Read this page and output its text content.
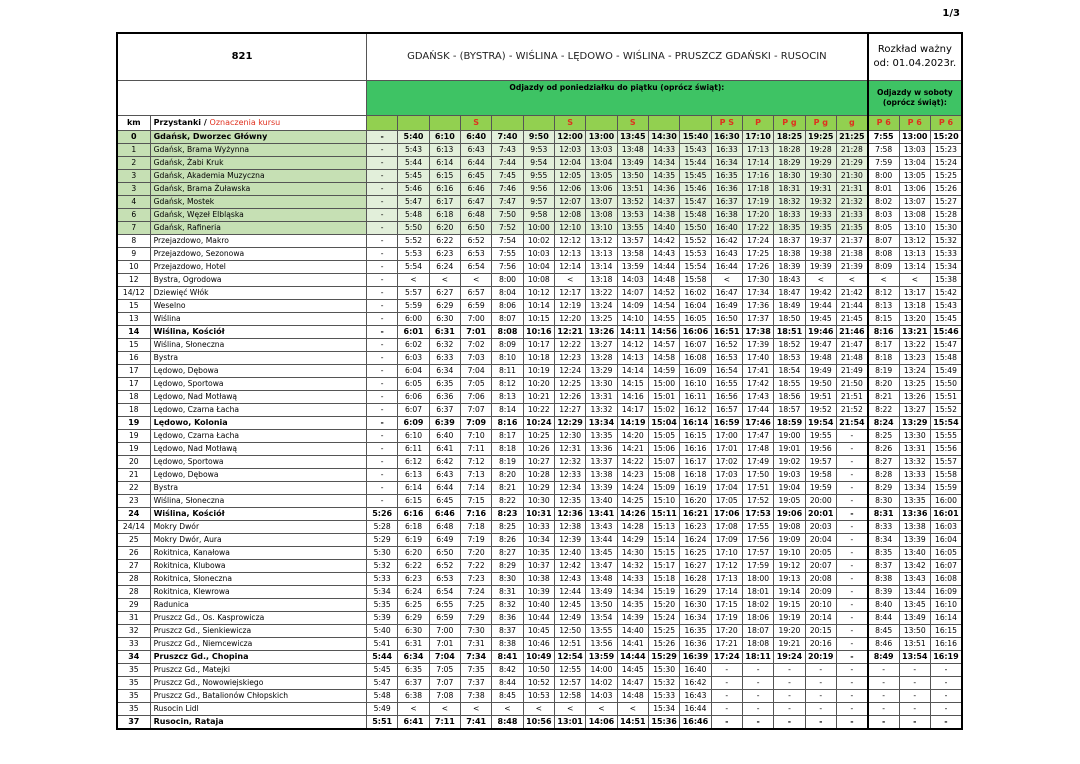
1/3
821		GDAŃSK - (BYSTRA) - WIŚLINA - LĘDOWO - WIŚLINA - PRUSZCZ GDAŃSKI - RUSOCIN																Rozkład ważny od: 01.04.2023r.		
		Odjazdy od poniedziałku do piątku (oprócz świąt):																Odjazdy w soboty (oprócz świąt):		
km	Przystanki / Oznaczenia kursu				S			S		S			P S	P	P g	P g	g	P 6	P 6	P 6
0	Gdańsk, Dworzec Główny	-	5:40	6:10	6:40	7:40	9:50	12:00	13:00	13:45	14:30	15:40	16:30	17:10	18:25	19:25	21:25	7:55	13:00	15:20
1	Gdańsk, Brama Wyżynna	-	5:43	6:13	6:43	7:43	9:53	12:03	13:03	13:48	14:33	15:43	16:33	17:13	18:28	19:28	21:28	7:58	13:03	15:23
2	Gdańsk, Żabi Kruk	-	5:44	6:14	6:44	7:44	9:54	12:04	13:04	13:49	14:34	15:44	16:34	17:14	18:29	19:29	21:29	7:59	13:04	15:24
3	Gdańsk, Akademia Muzyczna	-	5:45	6:15	6:45	7:45	9:55	12:05	13:05	13:50	14:35	15:45	16:35	17:16	18:30	19:30	21:30	8:00	13:05	15:25
3	Gdańsk, Brama Żuławska	-	5:46	6:16	6:46	7:46	9:56	12:06	13:06	13:51	14:36	15:46	16:36	17:18	18:31	19:31	21:31	8:01	13:06	15:26
4	Gdańsk, Mostek	-	5:47	6:17	6:47	7:47	9:57	12:07	13:07	13:52	14:37	15:47	16:37	17:19	18:32	19:32	21:32	8:02	13:07	15:27
6	Gdańsk, Węzeł Elbląska	-	5:48	6:18	6:48	7:50	9:58	12:08	13:08	13:53	14:38	15:48	16:38	17:20	18:33	19:33	21:33	8:03	13:08	15:28
7	Gdańsk, Rafineria	-	5:50	6:20	6:50	7:52	10:00	12:10	13:10	13:55	14:40	15:50	16:40	17:22	18:35	19:35	21:35	8:05	13:10	15:30
8	Przejazdowo, Makro	-	5:52	6:22	6:52	7:54	10:02	12:12	13:12	13:57	14:42	15:52	16:42	17:24	18:37	19:37	21:37	8:07	13:12	15:32
9	Przejazdowo, Sezonowa	-	5:53	6:23	6:53	7:55	10:03	12:13	13:13	13:58	14:43	15:53	16:43	17:25	18:38	19:38	21:38	8:08	13:13	15:33
10	Przejazdowo, Hotel	-	5:54	6:24	6:54	7:56	10:04	12:14	13:14	13:59	14:44	15:54	16:44	17:26	18:39	19:39	21:39	8:09	13:14	15:34
12	Bystra, Ogrodowa	-	<	<	<	8:00	10:08	<	13:18	14:03	14:48	15:58	<	17:30	18:43	<	<	<	<	15:38
14/12	Dziewięć Włók	-	5:57	6:27	6:57	8:04	10:12	12:17	13:22	14:07	14:52	16:02	16:47	17:34	18:47	19:42	21:42	8:12	13:17	15:42
15	Weselno	-	5:59	6:29	6:59	8:06	10:14	12:19	13:24	14:09	14:54	16:04	16:49	17:36	18:49	19:44	21:44	8:13	13:18	15:43
13	Wiślina	-	6:00	6:30	7:00	8:07	10:15	12:20	13:25	14:10	14:55	16:05	16:50	17:37	18:50	19:45	21:45	8:15	13:20	15:45
14	Wiślina, Kościół	-	6:01	6:31	7:01	8:08	10:16	12:21	13:26	14:11	14:56	16:06	16:51	17:38	18:51	19:46	21:46	8:16	13:21	15:46
15	Wiślina, Słoneczna	-	6:02	6:32	7:02	8:09	10:17	12:22	13:27	14:12	14:57	16:07	16:52	17:39	18:52	19:47	21:47	8:17	13:22	15:47
16	Bystra	-	6:03	6:33	7:03	8:10	10:18	12:23	13:28	14:13	14:58	16:08	16:53	17:40	18:53	19:48	21:48	8:18	13:23	15:48
17	Lędowo, Dębowa	-	6:04	6:34	7:04	8:11	10:19	12:24	13:29	14:14	14:59	16:09	16:54	17:41	18:54	19:49	21:49	8:19	13:24	15:49
17	Lędowo, Sportowa	-	6:05	6:35	7:05	8:12	10:20	12:25	13:30	14:15	15:00	16:10	16:55	17:42	18:55	19:50	21:50	8:20	13:25	15:50
18	Lędowo, Nad Motławą	-	6:06	6:36	7:06	8:13	10:21	12:26	13:31	14:16	15:01	16:11	16:56	17:43	18:56	19:51	21:51	8:21	13:26	15:51
18	Lędowo, Czarna Łacha	-	6:07	6:37	7:07	8:14	10:22	12:27	13:32	14:17	15:02	16:12	16:57	17:44	18:57	19:52	21:52	8:22	13:27	15:52
19	Lędowo, Kolonia	-	6:09	6:39	7:09	8:16	10:24	12:29	13:34	14:19	15:04	16:14	16:59	17:46	18:59	19:54	21:54	8:24	13:29	15:54
19	Lędowo, Czarna Łacha	-	6:10	6:40	7:10	8:17	10:25	12:30	13:35	14:20	15:05	16:15	17:00	17:47	19:00	19:55	-	8:25	13:30	15:55
19	Lędowo, Nad Motławą	-	6:11	6:41	7:11	8:18	10:26	12:31	13:36	14:21	15:06	16:16	17:01	17:48	19:01	19:56	-	8:26	13:31	15:56
20	Lędowo, Sportowa	-	6:12	6:42	7:12	8:19	10:27	12:32	13:37	14:22	15:07	16:17	17:02	17:49	19:02	19:57	-	8:27	13:32	15:57
21	Lędowo, Dębowa	-	6:13	6:43	7:13	8:20	10:28	12:33	13:38	14:23	15:08	16:18	17:03	17:50	19:03	19:58	-	8:28	13:33	15:58
22	Bystra	-	6:14	6:44	7:14	8:21	10:29	12:34	13:39	14:24	15:09	16:19	17:04	17:51	19:04	19:59	-	8:29	13:34	15:59
23	Wiślina, Słoneczna	-	6:15	6:45	7:15	8:22	10:30	12:35	13:40	14:25	15:10	16:20	17:05	17:52	19:05	20:00	-	8:30	13:35	16:00
24	Wiślina, Kościół	5:26	6:16	6:46	7:16	8:23	10:31	12:36	13:41	14:26	15:11	16:21	17:06	17:53	19:06	20:01	-	8:31	13:36	16:01
24/14	Mokry Dwór	5:28	6:18	6:48	7:18	8:25	10:33	12:38	13:43	14:28	15:13	16:23	17:08	17:55	19:08	20:03	-	8:33	13:38	16:03
25	Mokry Dwór, Aura	5:29	6:19	6:49	7:19	8:26	10:34	12:39	13:44	14:29	15:14	16:24	17:09	17:56	19:09	20:04	-	8:34	13:39	16:04
26	Rokitnica, Kanałowa	5:30	6:20	6:50	7:20	8:27	10:35	12:40	13:45	14:30	15:15	16:25	17:10	17:57	19:10	20:05	-	8:35	13:40	16:05
27	Rokitnica, Klubowa	5:32	6:22	6:52	7:22	8:29	10:37	12:42	13:47	14:32	15:17	16:27	17:12	17:59	19:12	20:07	-	8:37	13:42	16:07
28	Rokitnica, Słoneczna	5:33	6:23	6:53	7:23	8:30	10:38	12:43	13:48	14:33	15:18	16:28	17:13	18:00	19:13	20:08	-	8:38	13:43	16:08
28	Rokitnica, Klewrowa	5:34	6:24	6:54	7:24	8:31	10:39	12:44	13:49	14:34	15:19	16:29	17:14	18:01	19:14	20:09	-	8:39	13:44	16:09
29	Radunica	5:35	6:25	6:55	7:25	8:32	10:40	12:45	13:50	14:35	15:20	16:30	17:15	18:02	19:15	20:10	-	8:40	13:45	16:10
31	Pruszcz Gd., Os. Kasprowicza	5:39	6:29	6:59	7:29	8:36	10:44	12:49	13:54	14:39	15:24	16:34	17:19	18:06	19:19	20:14	-	8:44	13:49	16:14
32	Pruszcz Gd., Sienkiewicza	5:40	6:30	7:00	7:30	8:37	10:45	12:50	13:55	14:40	15:25	16:35	17:20	18:07	19:20	20:15	-	8:45	13:50	16:15
33	Pruszcz Gd., Niemcewicza	5:41	6:31	7:01	7:31	8:38	10:46	12:51	13:56	14:41	15:26	16:36	17:21	18:08	19:21	20:16	-	8:46	13:51	16:16
34	Pruszcz Gd., Chopina	5:44	6:34	7:04	7:34	8:41	10:49	12:54	13:59	14:44	15:29	16:39	17:24	18:11	19:24	20:19	-	8:49	13:54	16:19
35	Pruszcz Gd., Matejki	5:45	6:35	7:05	7:35	8:42	10:50	12:55	14:00	14:45	15:30	16:40	-	-	-	-	-	-	-	-
35	Pruszcz Gd., Nowowiejskiego	5:47	6:37	7:07	7:37	8:44	10:52	12:57	14:02	14:47	15:32	16:42	-	-	-	-	-	-	-	-
35	Pruszcz Gd., Batalionów Chłopskich	5:48	6:38	7:08	7:38	8:45	10:53	12:58	14:03	14:48	15:33	16:43	-	-	-	-	-	-	-	-
35	Rusocin Lidl	5:49	<	<	<	<	<	<	<	<	15:34	16:44	-	-	-	-	-	-	-	-
37	Rusocin, Rataja	5:51	6:41	7:11	7:41	8:48	10:56	13:01	14:06	14:51	15:36	16:46	-	-	-	-	-	-	-	-
